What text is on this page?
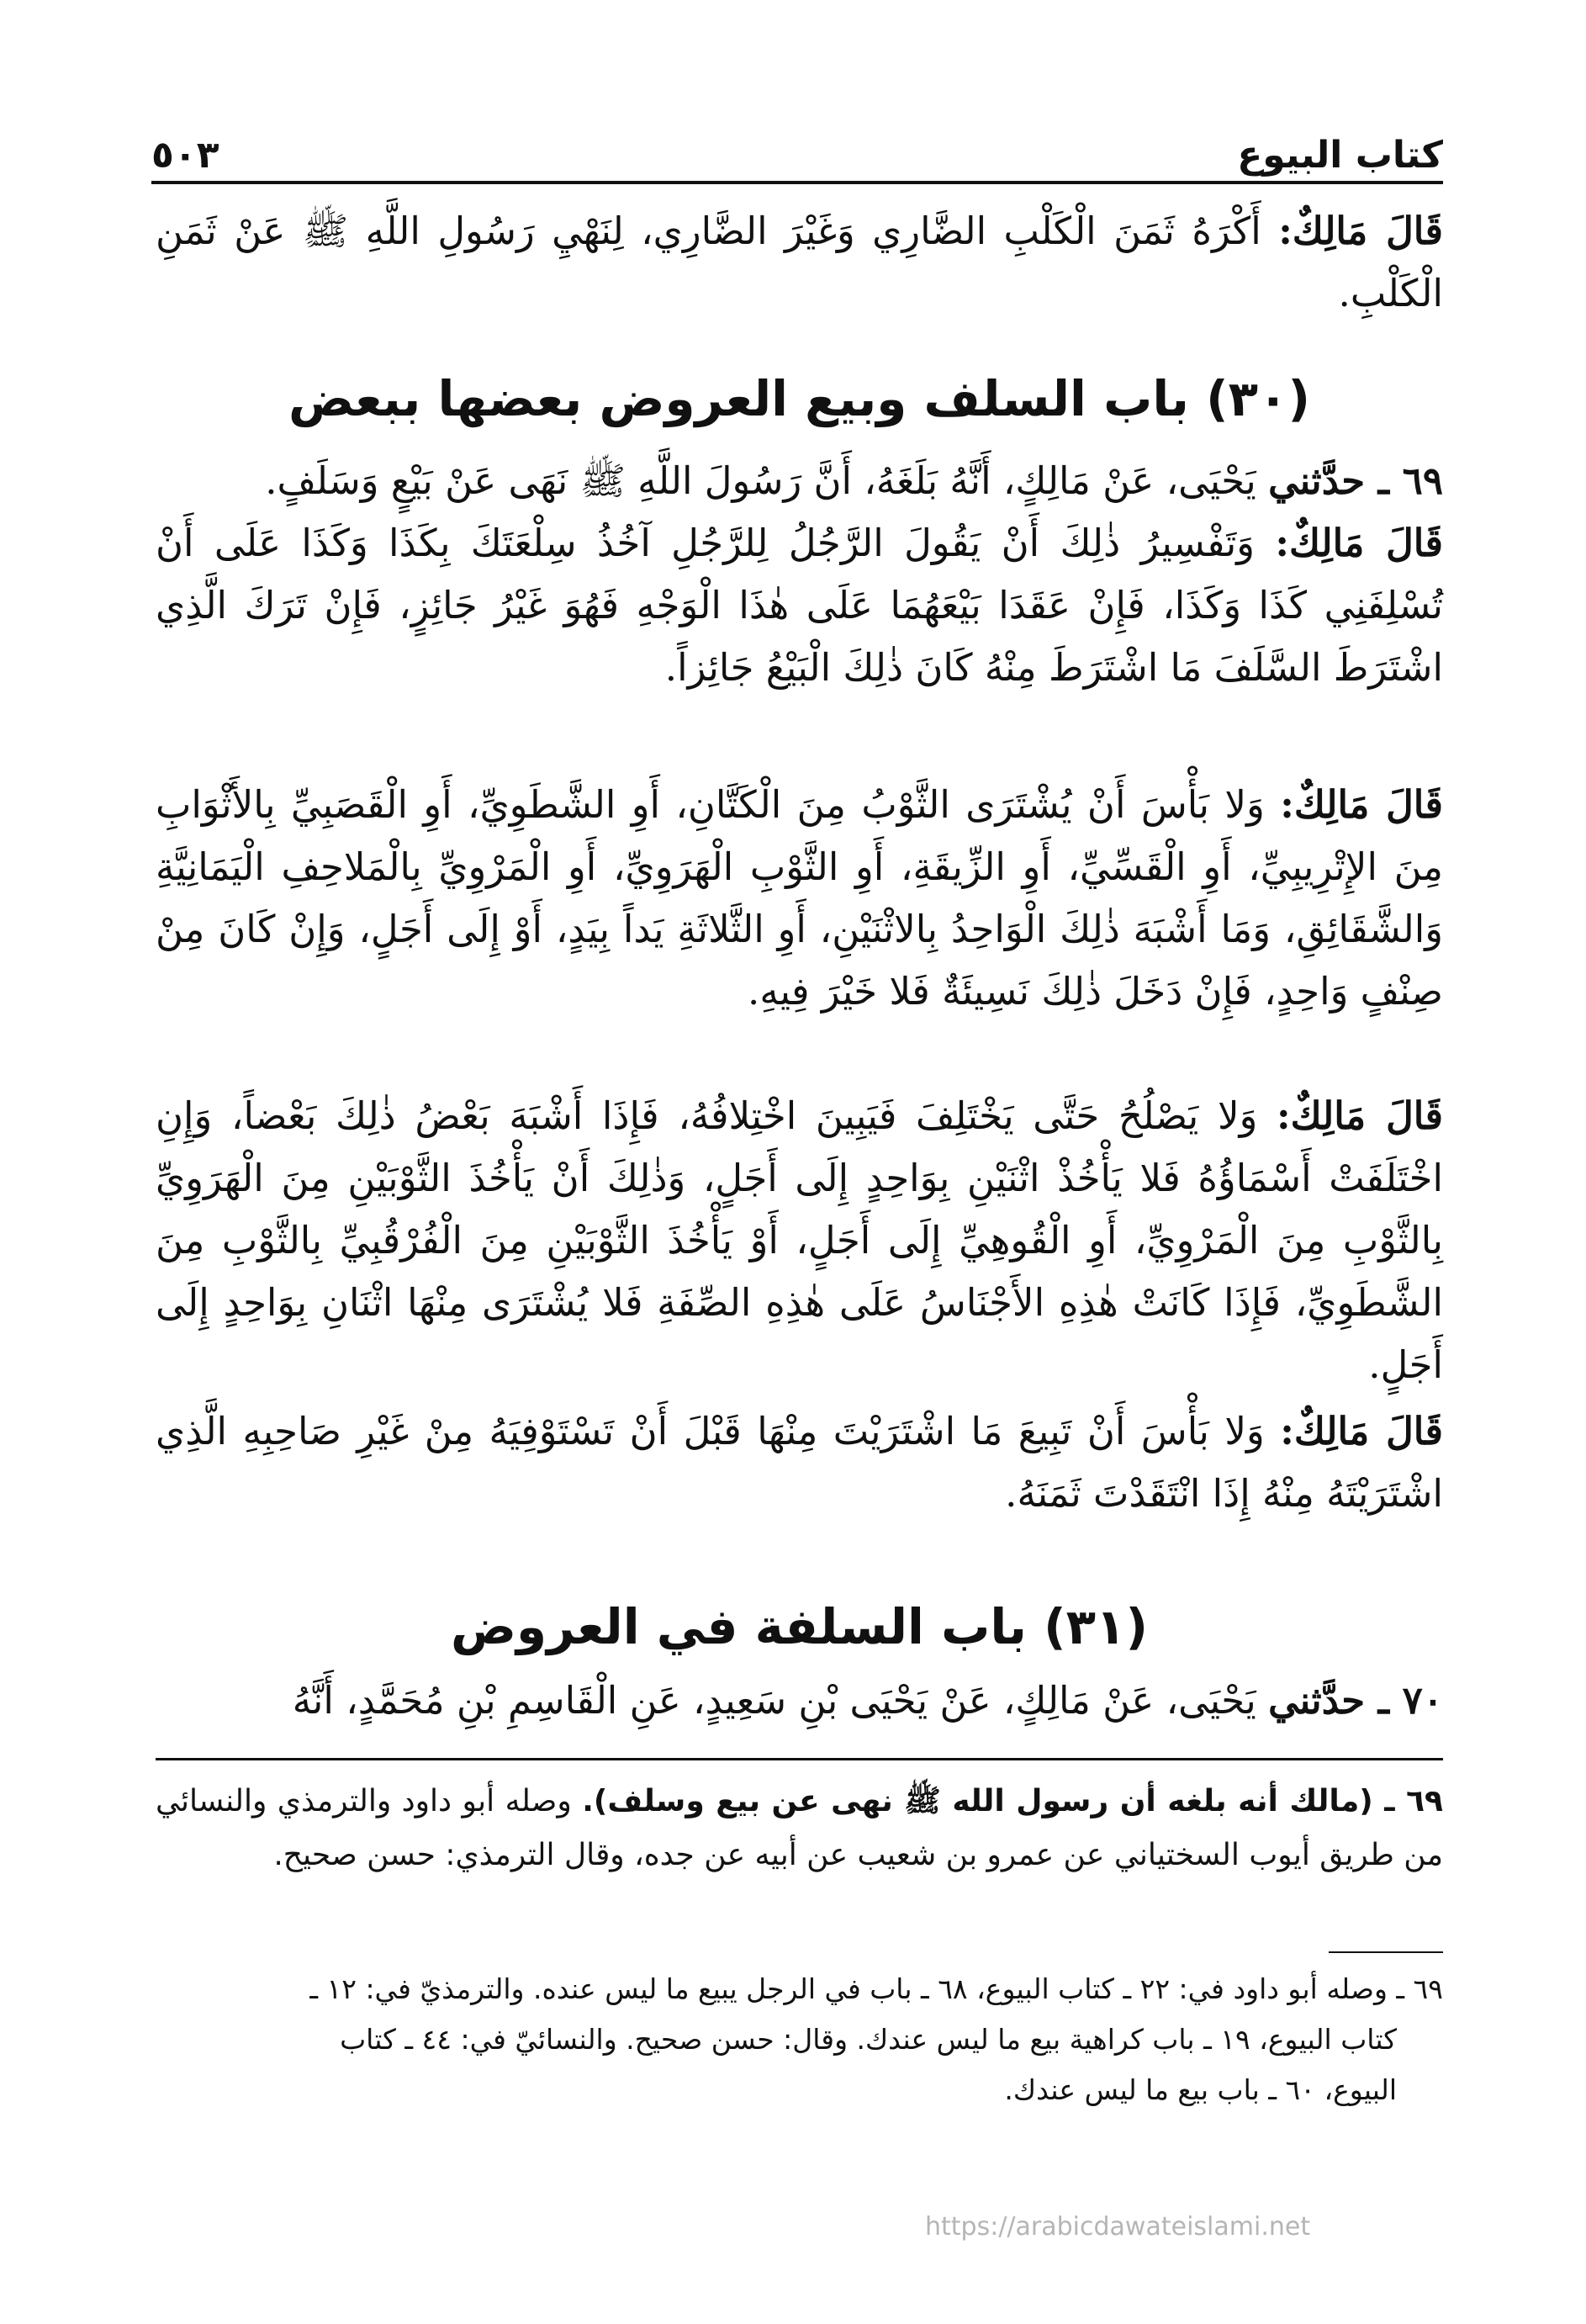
كتاب البيوع
٥٠٣

قَالَ مَالِكٌ: أَكْرَهُ ثَمَنَ الْكَلْبِ الضَّارِي وَغَيْرَ الضَّارِي، لِنَهْيِ رَسُولِ اللَّهِ ﷺ عَنْ ثَمَنِ الْكَلْبِ.

(٣٠) باب السلف وبيع العروض بعضها ببعض

٦٩ ـ حدَّثني يَحْيَى، عَنْ مَالِكٍ، أَنَّهُ بَلَغَهُ، أَنَّ رَسُولَ اللَّهِ ﷺ نَهَى عَنْ بَيْعٍ وَسَلَفٍ.

قَالَ مَالِكٌ: وَتَفْسِيرُ ذٰلِكَ أَنْ يَقُولَ الرَّجُلُ لِلرَّجُلِ آخُذُ سِلْعَتَكَ بِكَذَا وَكَذَا عَلَى أَنْ تُسْلِفَنِي كَذَا وَكَذَا، فَإِنْ عَقَدَا بَيْعَهُمَا عَلَى هٰذَا الْوَجْهِ فَهُوَ غَيْرُ جَائِزٍ، فَإِنْ تَرَكَ الَّذِي اشْتَرَطَ السَّلَفَ مَا اشْتَرَطَ مِنْهُ كَانَ ذٰلِكَ الْبَيْعُ جَائِزاً.

قَالَ مَالِكٌ: وَلا بَأْسَ أَنْ يُشْتَرَى الثَّوْبُ مِنَ الْكَتَّانِ، أَوِ الشَّطَوِيِّ، أَوِ الْقَصَبِيِّ بِالأَثْوَابِ مِنَ الإِتْرِيبِيِّ، أَوِ الْقَسِّيِّ، أَوِ الزِّيقَةِ، أَوِ الثَّوْبِ الْهَرَوِيِّ، أَوِ الْمَرْوِيِّ بِالْمَلاحِفِ الْيَمَانِيَّةِ وَالشَّقَائِقِ، وَمَا أَشْبَهَ ذٰلِكَ الْوَاحِدُ بِالاثْنَيْنِ، أَوِ الثَّلاثَةِ يَداً بِيَدٍ، أَوْ إِلَى أَجَلٍ، وَإِنْ كَانَ مِنْ صِنْفٍ وَاحِدٍ، فَإِنْ دَخَلَ ذٰلِكَ نَسِيئَةٌ فَلا خَيْرَ فِيهِ.

قَالَ مَالِكٌ: وَلا يَصْلُحُ حَتَّى يَخْتَلِفَ فَيَبِينَ اخْتِلافُهُ، فَإِذَا أَشْبَهَ بَعْضُ ذٰلِكَ بَعْضاً، وَإِنِ اخْتَلَفَتْ أَسْمَاؤُهُ فَلا يَأْخُذْ اثْنَيْنِ بِوَاحِدٍ إِلَى أَجَلٍ، وَذٰلِكَ أَنْ يَأْخُذَ الثَّوْبَيْنِ مِنَ الْهَرَوِيِّ بِالثَّوْبِ مِنَ الْمَرْوِيِّ، أَوِ الْقُوهِيِّ إِلَى أَجَلٍ، أَوْ يَأْخُذَ الثَّوْبَيْنِ مِنَ الْفُرْقُبِيِّ بِالثَّوْبِ مِنَ الشَّطَوِيِّ، فَإِذَا كَانَتْ هٰذِهِ الأَجْنَاسُ عَلَى هٰذِهِ الصِّفَةِ فَلا يُشْتَرَى مِنْهَا اثْنَانِ بِوَاحِدٍ إِلَى أَجَلٍ.

قَالَ مَالِكٌ: وَلا بَأْسَ أَنْ تَبِيعَ مَا اشْتَرَيْتَ مِنْهَا قَبْلَ أَنْ تَسْتَوْفِيَهُ مِنْ غَيْرِ صَاحِبِهِ الَّذِي اشْتَرَيْتَهُ مِنْهُ إِذَا انْتَقَدْتَ ثَمَنَهُ.

(٣١) باب السلفة في العروض

٧٠ ـ حدَّثني يَحْيَى، عَنْ مَالِكٍ، عَنْ يَحْيَى بْنِ سَعِيدٍ، عَنِ الْقَاسِمِ بْنِ مُحَمَّدٍ، أَنَّهُ

٦٩ ـ (مالك أنه بلغه أن رسول الله ﷺ نهى عن بيع وسلف). وصله أبو داود والترمذي والنسائي من طريق أيوب السختياني عن عمرو بن شعيب عن أبيه عن جده، وقال الترمذي: حسن صحيح.
٦٩ ـ وصله أبو داود في: ٢٢ ـ كتاب البيوع، ٦٨ ـ باب في الرجل يبيع ما ليس عنده. والترمذيّ في: ١٢ ـ
كتاب البيوع، ١٩ ـ باب كراهية بيع ما ليس عندك. وقال: حسن صحيح. والنسائيّ في: ٤٤ ـ كتاب
البيوع، ٦٠ ـ باب بيع ما ليس عندك.
https://arabicdawateislami.net
